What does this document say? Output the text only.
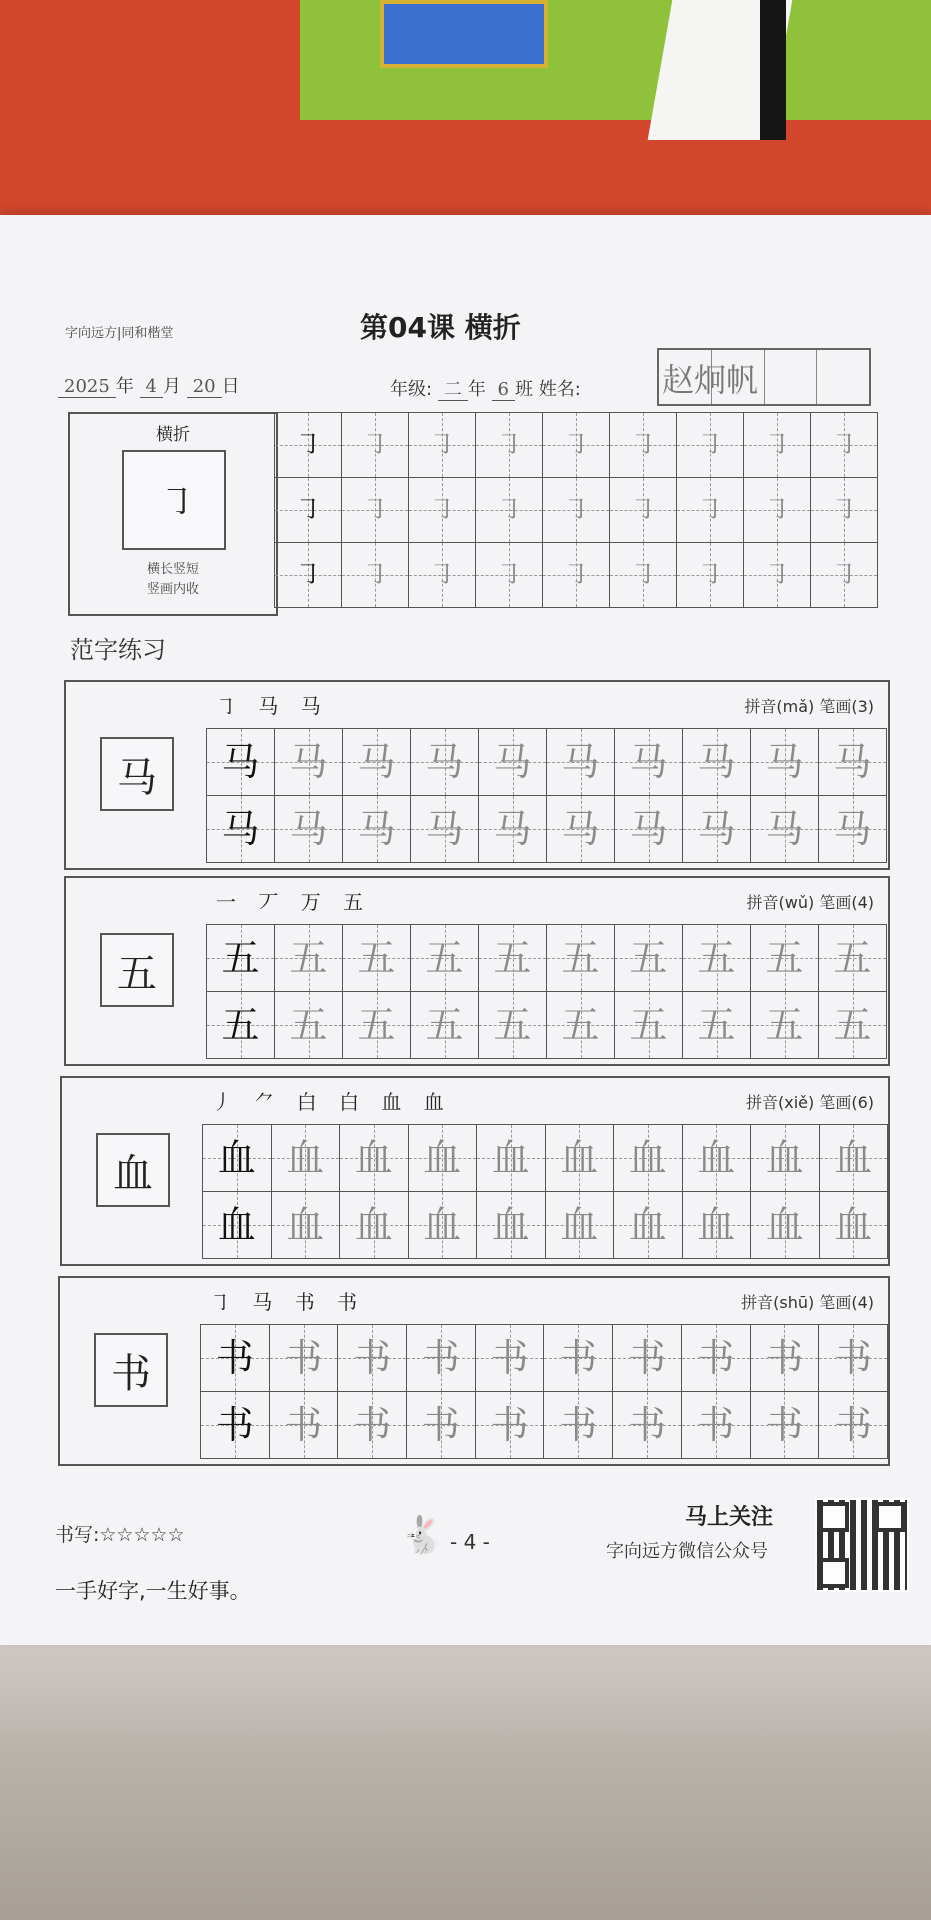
字向远方|同和楷堂	第04课 横折
2025 年 4 月 20 日	年级: 二 年 6 班 姓名:	赵炯帆
横折
㇆
横长竖短
竖画内收
㇆	㇆	㇆	㇆	㇆	㇆	㇆	㇆	㇆

㇆	㇆	㇆	㇆	㇆	㇆	㇆	㇆	㇆

㇆	㇆	㇆	㇆	㇆	㇆	㇆	㇆	㇆
范字练习
马
㇆ 马 马	拼音(mǎ) 笔画(3)
马	马	马	马	马	马	马	马	马	马

马	马	马	马	马	马	马	马	马	马
五
一 丆 万 五	拼音(wǔ) 笔画(4)
五	五	五	五	五	五	五	五	五	五

五	五	五	五	五	五	五	五	五	五
血
丿 ⺈ 白 白 血 血	拼音(xiě) 笔画(6)
血	血	血	血	血	血	血	血	血	血

血	血	血	血	血	血	血	血	血	血
书
㇆ 马 书 书	拼音(shū) 笔画(4)
书	书	书	书	书	书	书	书	书	书

书	书	书	书	书	书	书	书	书	书
书写:☆☆☆☆☆	🐇 - 4 -
马上关注
字向远方微信公众号
一手好字,一生好事。
